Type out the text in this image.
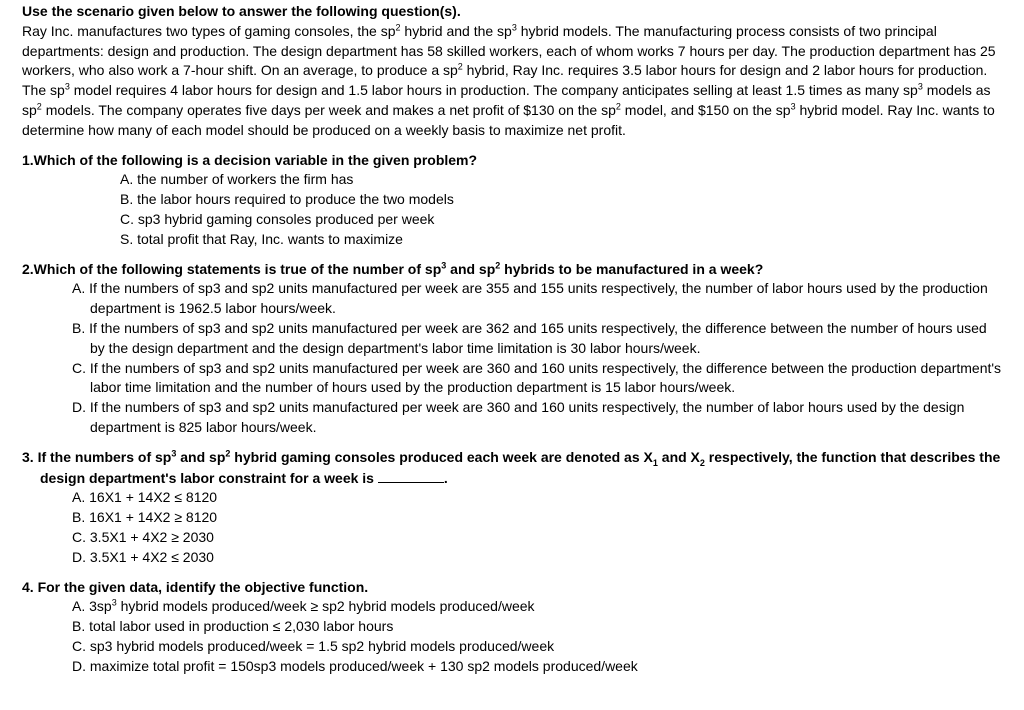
Use the scenario given below to answer the following question(s).

Ray Inc. manufactures two types of gaming consoles, the $sp^2$ hybrid and the $sp^3$ hybrid models. The manufacturing process consists of two principal departments: design and production. The design department has 58 skilled workers, each of whom works 7 hours per day. The production department has 25 workers, who also work a 7-hour shift. On an average, to produce a $sp^2$ hybrid, Ray Inc. requires 3.5 labor hours for design and 2 labor hours for production. The $sp^3$ model requires 4 labor hours for design and 1.5 labor hours in production. The company anticipates selling at least 1.5 times as many $sp^3$ models as $sp^2$ models. The company operates five days per week and makes a net profit of $130 on the $sp^2$ model, and $150 on the $sp^3$ hybrid model. Ray Inc. wants to determine how many of each model should be produced on a weekly basis to maximize net profit.

1.Which of the following is a decision variable in the given problem?
A. the number of workers the firm has
B. the labor hours required to produce the two models
C. sp3 hybrid gaming consoles produced per week
S. total profit that Ray, Inc. wants to maximize
2.Which of the following statements is true of the number of $sp^3$ and $sp^2$ hybrids to be manufactured in a week?
A. If the numbers of sp3 and sp2 units manufactured per week are 355 and 155 units respectively, the number of labor hours used by the production department is 1962.5 labor hours/week.
B. If the numbers of sp3 and sp2 units manufactured per week are 362 and 165 units respectively, the difference between the number of hours used by the design department and the design department's labor time limitation is 30 labor hours/week.
C. If the numbers of sp3 and sp2 units manufactured per week are 360 and 160 units respectively, the difference between the production department's labor time limitation and the number of hours used by the production department is 15 labor hours/week.
D. If the numbers of sp3 and sp2 units manufactured per week are 360 and 160 units respectively, the number of labor hours used by the design department is 825 labor hours/week.
3. If the numbers of $sp^3$ and $sp^2$ hybrid gaming consoles produced each week are denoted as $X_1$ and $X_2$ respectively, the function that describes the design department's labor constraint for a week is	.
A. 16X1 + 14X2 ≤ 8120
B. 16X1 + 14X2 ≥ 8120
C. 3.5X1 + 4X2 ≥ 2030
D. 3.5X1 + 4X2 ≤ 2030
4. For the given data, identify the objective function.
A. $3sp^3$ hybrid models produced/week ≥ sp2 hybrid models produced/week
B. total labor used in production ≤ 2,030 labor hours
C. sp3 hybrid models produced/week = 1.5 sp2 hybrid models produced/week
D. maximize total profit = 150sp3 models produced/week + 130 sp2 models produced/week
